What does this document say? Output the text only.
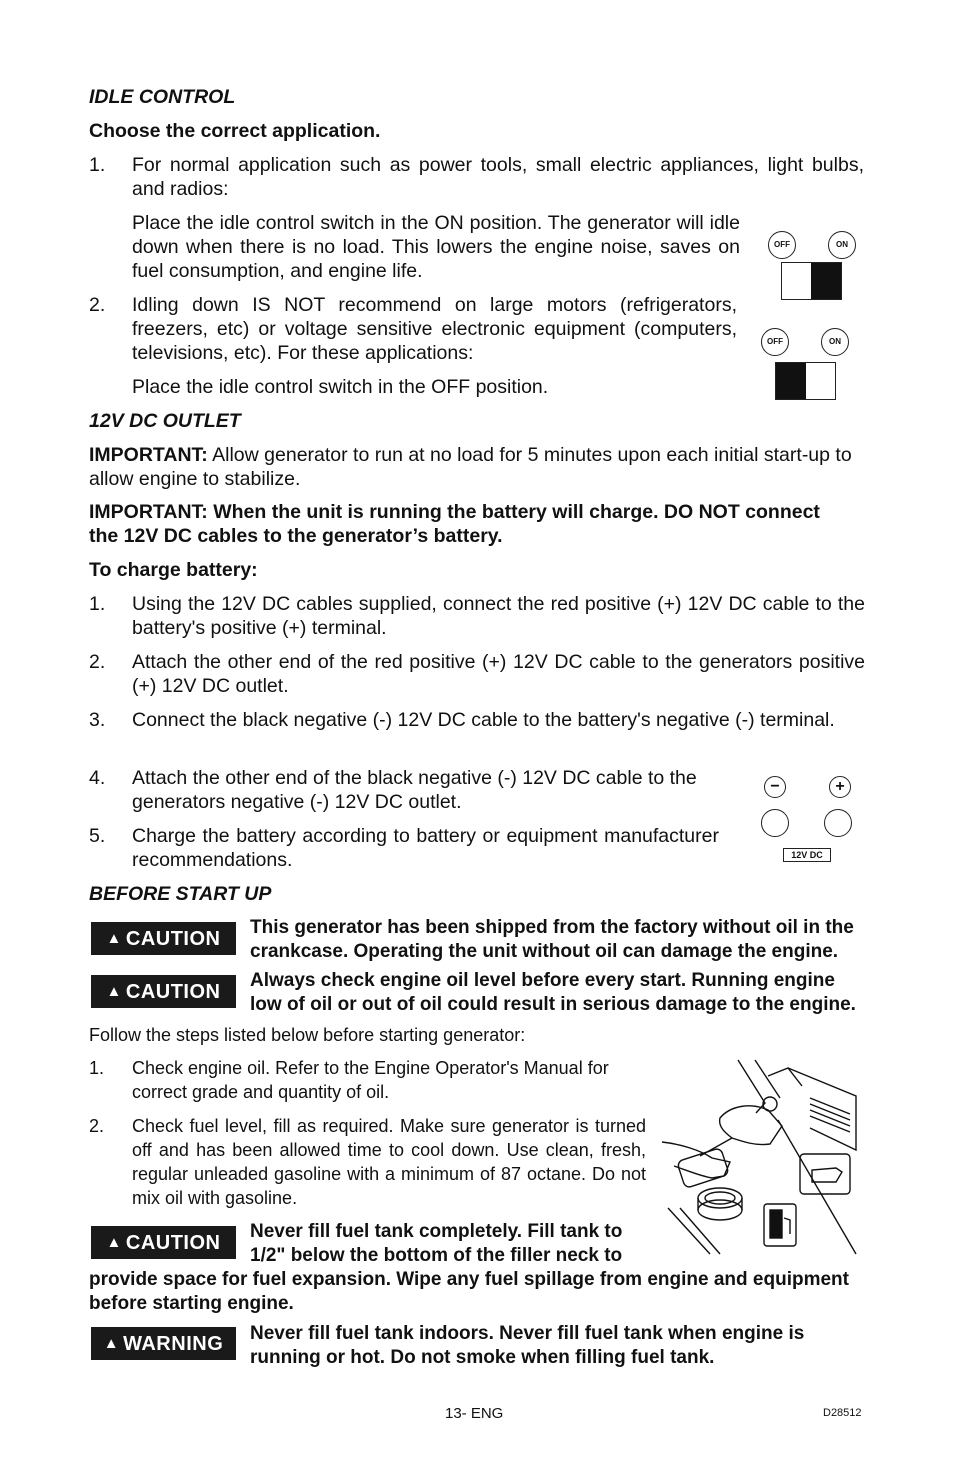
IDLE CONTROL
Choose the correct application.
1. For normal application such as power tools, small electric appliances, light bulbs, and radios:
Place the idle control switch in the ON position. The generator will idle down when there is no load. This lowers the engine noise, saves on fuel consumption, and engine life.
2. Idling down IS NOT recommend on large motors (refrigerators, freezers, etc) or voltage sensitive electronic equipment (computers, televisions, etc). For these applications:
Place the idle control switch in the OFF position.
OFF	ON
OFF	ON
12V DC OUTLET
IMPORTANT: Allow generator to run at no load for 5 minutes upon each initial start-up to allow engine to stabilize.
IMPORTANT: When the unit is running the battery will charge. DO NOT connect the 12V DC cables to the generator’s battery.
To charge battery:
1. Using the 12V DC cables supplied, connect the red positive (+) 12V DC cable to the battery's positive (+) terminal.
2. Attach the other end of the red positive (+) 12V DC cable to the generators positive (+) 12V DC outlet.
3. Connect the black negative (-) 12V DC cable to the battery's negative (-) terminal.
4. Attach the other end of the black negative (-) 12V DC cable to the generators negative (-) 12V DC outlet.
5. Charge the battery according to battery or equipment manufacturer recommendations.
−	+
12V DC
BEFORE START UP
▲ CAUTION This generator has been shipped from the factory without oil in the crankcase. Operating the unit without oil can damage the engine.
▲ CAUTION Always check engine oil level before every start. Running engine low of oil or out of oil could result in serious damage to the engine.
Follow the steps listed below before starting generator:
1. Check engine oil. Refer to the Engine Operator's Manual for correct grade and quantity of oil.
2. Check fuel level, fill as required. Make sure generator is turned off and has been allowed time to cool down. Use clean, fresh, regular unleaded gasoline with a minimum of 87 octane. Do not mix oil with gasoline.
▲ CAUTION Never fill fuel tank completely. Fill tank to
1/2" below the bottom of the filler neck to
provide space for fuel expansion. Wipe any fuel spillage from engine and equipment before starting engine.
▲ WARNING Never fill fuel tank indoors. Never fill fuel tank when engine is running or hot. Do not smoke when filling fuel tank.
13- ENG	D28512
